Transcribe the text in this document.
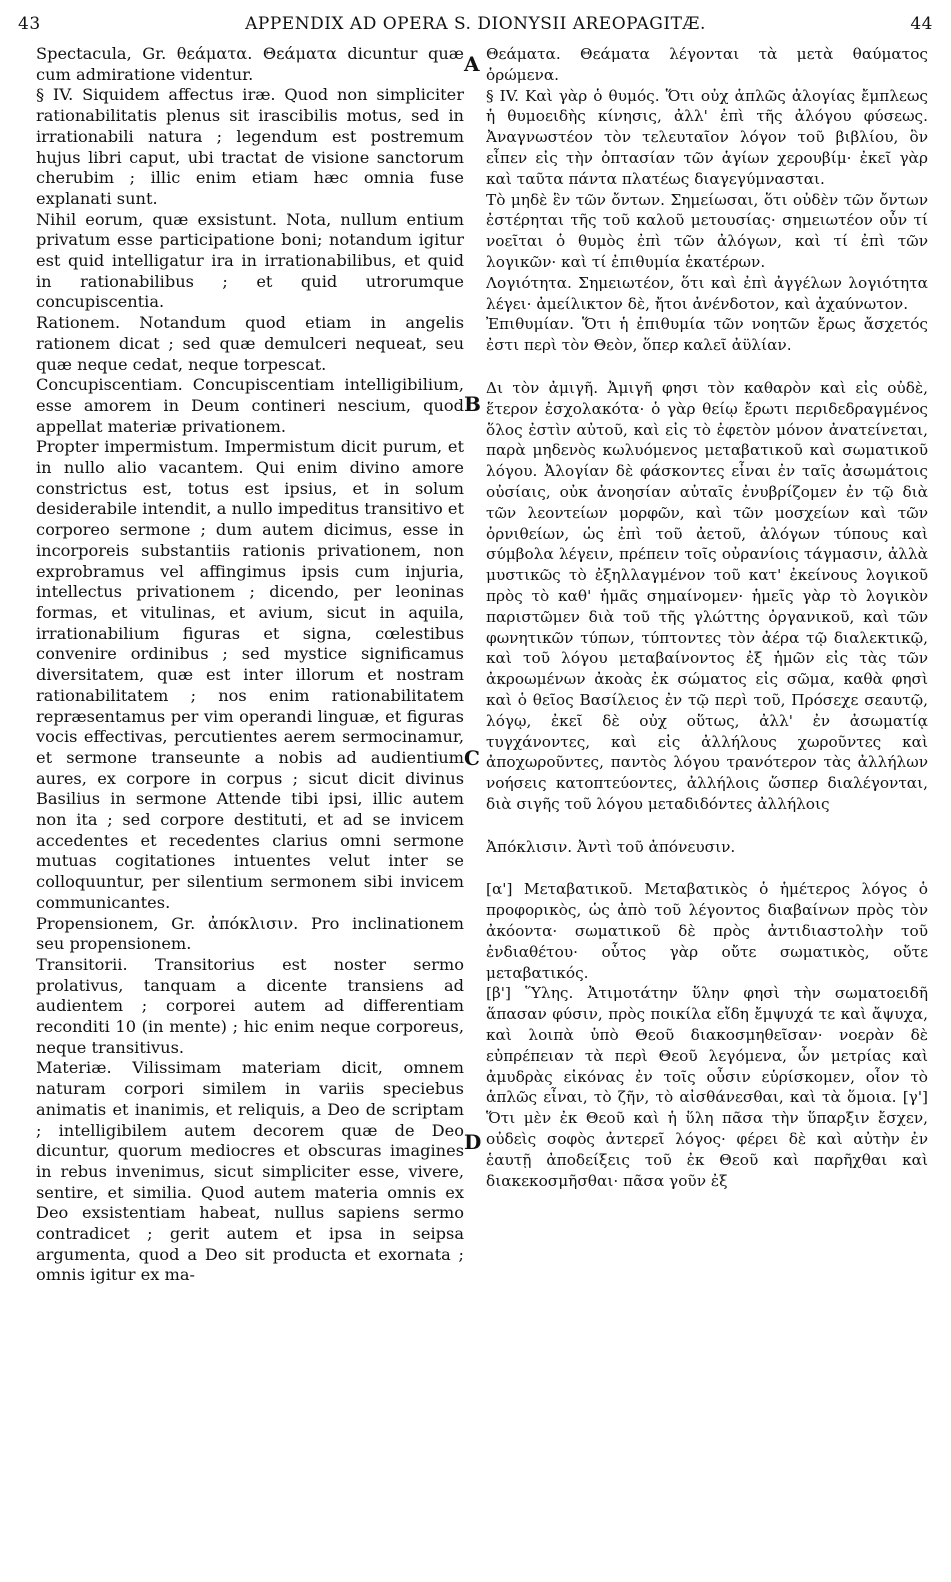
43	APPENDIX AD OPERA S. DIONYSII AREOPAGITÆ.	44
A
B
C
D

Spectacula, Gr. θεάματα. Θεάματα dicuntur quæ cum admiratione videntur.

§ IV. Siquidem affectus iræ. Quod non simpliciter rationabilitatis plenus sit irascibilis motus, sed in irrationabili natura ; legendum est postremum hujus libri caput, ubi tractat de visione sanctorum cherubim ; illic enim etiam hæc omnia fuse explanati sunt.

Nihil eorum, quæ exsistunt. Nota, nullum entium privatum esse participatione boni; notandum igitur est quid intelligatur ira in irrationabilibus, et quid in rationabilibus ; et quid utrorumque concupiscentia.

Rationem. Notandum quod etiam in angelis rationem dicat ; sed quæ demulceri nequeat, seu quæ neque cedat, neque torpescat.

Concupiscentiam. Concupiscentiam intelligibilium, esse amorem in Deum contineri nescium, quod appellat materiæ privationem.

Propter impermistum. Impermistum dicit purum, et in nullo alio vacantem. Qui enim divino amore constrictus est, totus est ipsius, et in solum desiderabile intendit, a nullo impeditus transitivo et corporeo sermone ; dum autem dicimus, esse in incorporeis substantiis rationis privationem, non exprobramus vel affingimus ipsis cum injuria, intellectus privationem ; dicendo, per leoninas formas, et vitulinas, et avium, sicut in aquila, irrationabilium figuras et signa, cœlestibus convenire ordinibus ; sed mystice significamus diversitatem, quæ est inter illorum et nostram rationabilitatem ; nos enim rationabilitatem repræsentamus per vim operandi linguæ, et figuras vocis effectivas, percutientes aerem sermocinamur, et sermone transeunte a nobis ad audientium aures, ex corpore in corpus ; sicut dicit divinus Basilius in sermone Attende tibi ipsi, illic autem non ita ; sed corpore destituti, et ad se invicem accedentes et recedentes clarius omni sermone mutuas cogitationes intuentes velut inter se colloquuntur, per silentium sermonem sibi invicem communicantes.

Propensionem, Gr. ἀπόκλισιν. Pro inclinationem seu propensionem.

Transitorii. Transitorius est noster sermo prolativus, tanquam a dicente transiens ad audientem ; corporei autem ad differentiam reconditi 10 (in mente) ; hic enim neque corporeus, neque transitivus.

Materiæ. Vilissimam materiam dicit, omnem naturam corpori similem in variis speciebus animatis et inanimis, et reliquis, a Deo de scriptam ; intelligibilem autem decorem quæ de Deo dicuntur, quorum mediocres et obscuras imagines in rebus invenimus, sicut simpliciter esse, vivere, sentire, et similia. Quod autem materia omnis ex Deo exsistentiam habeat, nullus sapiens sermo contradicet ; gerit autem et ipsa in seipsa argumenta, quod a Deo sit producta et exornata ; omnis igitur ex ma-

Θεάματα. Θεάματα λέγονται τὰ μετὰ θαύματος ὁρώμενα.

§ IV. Καὶ γὰρ ὁ θυμός. Ὅτι οὐχ ἁπλῶς ἀλογίας ἔμπλεως ἡ θυμοειδὴς κίνησις, ἀλλ' ἐπὶ τῆς ἀλόγου φύσεως. Ἀναγνωστέον τὸν τελευταῖον λόγον τοῦ βιβλίου, ὃν εἶπεν εἰς τὴν ὀπτασίαν τῶν ἁγίων χερουβίμ· ἐκεῖ γὰρ καὶ ταῦτα πάντα πλατέως διαγεγύμνασται.

Τὸ μηδὲ ἓν τῶν ὄντων. Σημείωσαι, ὅτι οὐδὲν τῶν ὄντων ἐστέρηται τῆς τοῦ καλοῦ μετουσίας· σημειωτέον οὖν τί νοεῖται ὁ θυμὸς ἐπὶ τῶν ἀλόγων, καὶ τί ἐπὶ τῶν λογικῶν· καὶ τί ἐπιθυμία ἑκατέρων.

Λογιότητα. Σημειωτέον, ὅτι καὶ ἐπὶ ἀγγέλων λογιότητα λέγει· ἀμείλικτον δὲ, ἤτοι ἀνένδοτον, καὶ ἀχαύνωτον.

Ἐπιθυμίαν. Ὅτι ἡ ἐπιθυμία τῶν νοητῶν ἔρως ἄσχετός ἐστι περὶ τὸν Θεὸν, ὅπερ καλεῖ ἀϋλίαν.

Δι τὸν ἀμιγῆ. Ἀμιγῆ φησι τὸν καθαρὸν καὶ εἰς οὐδὲ, ἕτερον ἐσχολακότα· ὁ γὰρ θείῳ ἔρωτι περιδεδραγμένος ὅλος ἐστὶν αὐτοῦ, καὶ εἰς τὸ ἐφετὸν μόνον ἀνατείνεται, παρὰ μηδενὸς κωλυόμενος μεταβατικοῦ καὶ σωματικοῦ λόγου. Ἀλογίαν δὲ φάσκοντες εἶναι ἐν ταῖς ἀσωμάτοις οὐσίαις, οὐκ ἀνοησίαν αὐταῖς ἐνυβρίζομεν ἐν τῷ διὰ τῶν λεοντείων μορφῶν, καὶ τῶν μοσχείων καὶ τῶν ὀρνιθείων, ὡς ἐπὶ τοῦ ἀετοῦ, ἀλόγων τύπους καὶ σύμβολα λέγειν, πρέπειν τοῖς οὐρανίοις τάγμασιν, ἀλλὰ μυστικῶς τὸ ἐξηλλαγμένον τοῦ κατ' ἐκείνους λογικοῦ πρὸς τὸ καθ' ἡμᾶς σημαίνομεν· ἡμεῖς γὰρ τὸ λογικὸν παριστῶμεν διὰ τοῦ τῆς γλώττης ὀργανικοῦ, καὶ τῶν φωνητικῶν τύπων, τύπτοντες τὸν ἀέρα τῷ διαλεκτικῷ, καὶ τοῦ λόγου μεταβαίνοντος ἐξ ἡμῶν εἰς τὰς τῶν ἀκροωμένων ἀκοὰς ἐκ σώματος εἰς σῶμα, καθὰ φησὶ καὶ ὁ θεῖος Βασίλειος ἐν τῷ περὶ τοῦ, Πρόσεχε σεαυτῷ, λόγῳ, ἐκεῖ δὲ οὐχ οὕτως, ἀλλ' ἐν ἀσωματίᾳ τυγχάνοντες, καὶ εἰς ἀλλήλους χωροῦντες καὶ ἀποχωροῦντες, παντὸς λόγου τρανότερον τὰς ἀλλήλων νοήσεις κατοπτεύοντες, ἀλλήλοις ὥσπερ διαλέγονται, διὰ σιγῆς τοῦ λόγου μεταδιδόντες ἀλλήλοις

Ἀπόκλισιν. Ἀντὶ τοῦ ἀπόνευσιν.

[α'] Μεταβατικοῦ. Μεταβατικὸς ὁ ἡμέτερος λόγος ὁ προφορικὸς, ὡς ἀπὸ τοῦ λέγοντος διαβαίνων πρὸς τὸν ἀκόοντα· σωματικοῦ δὲ πρὸς ἀντιδιαστολὴν τοῦ ἐνδιαθέτου· οὗτος γὰρ οὔτε σωματικὸς, οὔτε μεταβατικός.

[β'] Ὕλης. Ἀτιμοτάτην ὕλην φησὶ τὴν σωματοειδῆ ἅπασαν φύσιν, πρὸς ποικίλα εἴδη ἔμψυχά τε καὶ ἄψυχα, καὶ λοιπὰ ὑπὸ Θεοῦ διακοσμηθεῖσαν· νοερὰν δὲ εὐπρέπειαν τὰ περὶ Θεοῦ λεγόμενα, ὧν μετρίας καὶ ἀμυδρὰς εἰκόνας ἐν τοῖς οὖσιν εὑρίσκομεν, οἷον τὸ ἁπλῶς εἶναι, τὸ ζῆν, τὸ αἰσθάνεσθαι, καὶ τὰ ὅμοια. [γ'] Ὅτι μὲν ἐκ Θεοῦ καὶ ἡ ὕλη πᾶσα τὴν ὕπαρξιν ἔσχεν, οὐδεὶς σοφὸς ἀντερεῖ λόγος· φέρει δὲ καὶ αὐτὴν ἐν ἑαυτῇ ἀποδείξεις τοῦ ἐκ Θεοῦ καὶ παρῆχθαι καὶ διακεκοσμῆσθαι· πᾶσα γοῦν ἐξ
